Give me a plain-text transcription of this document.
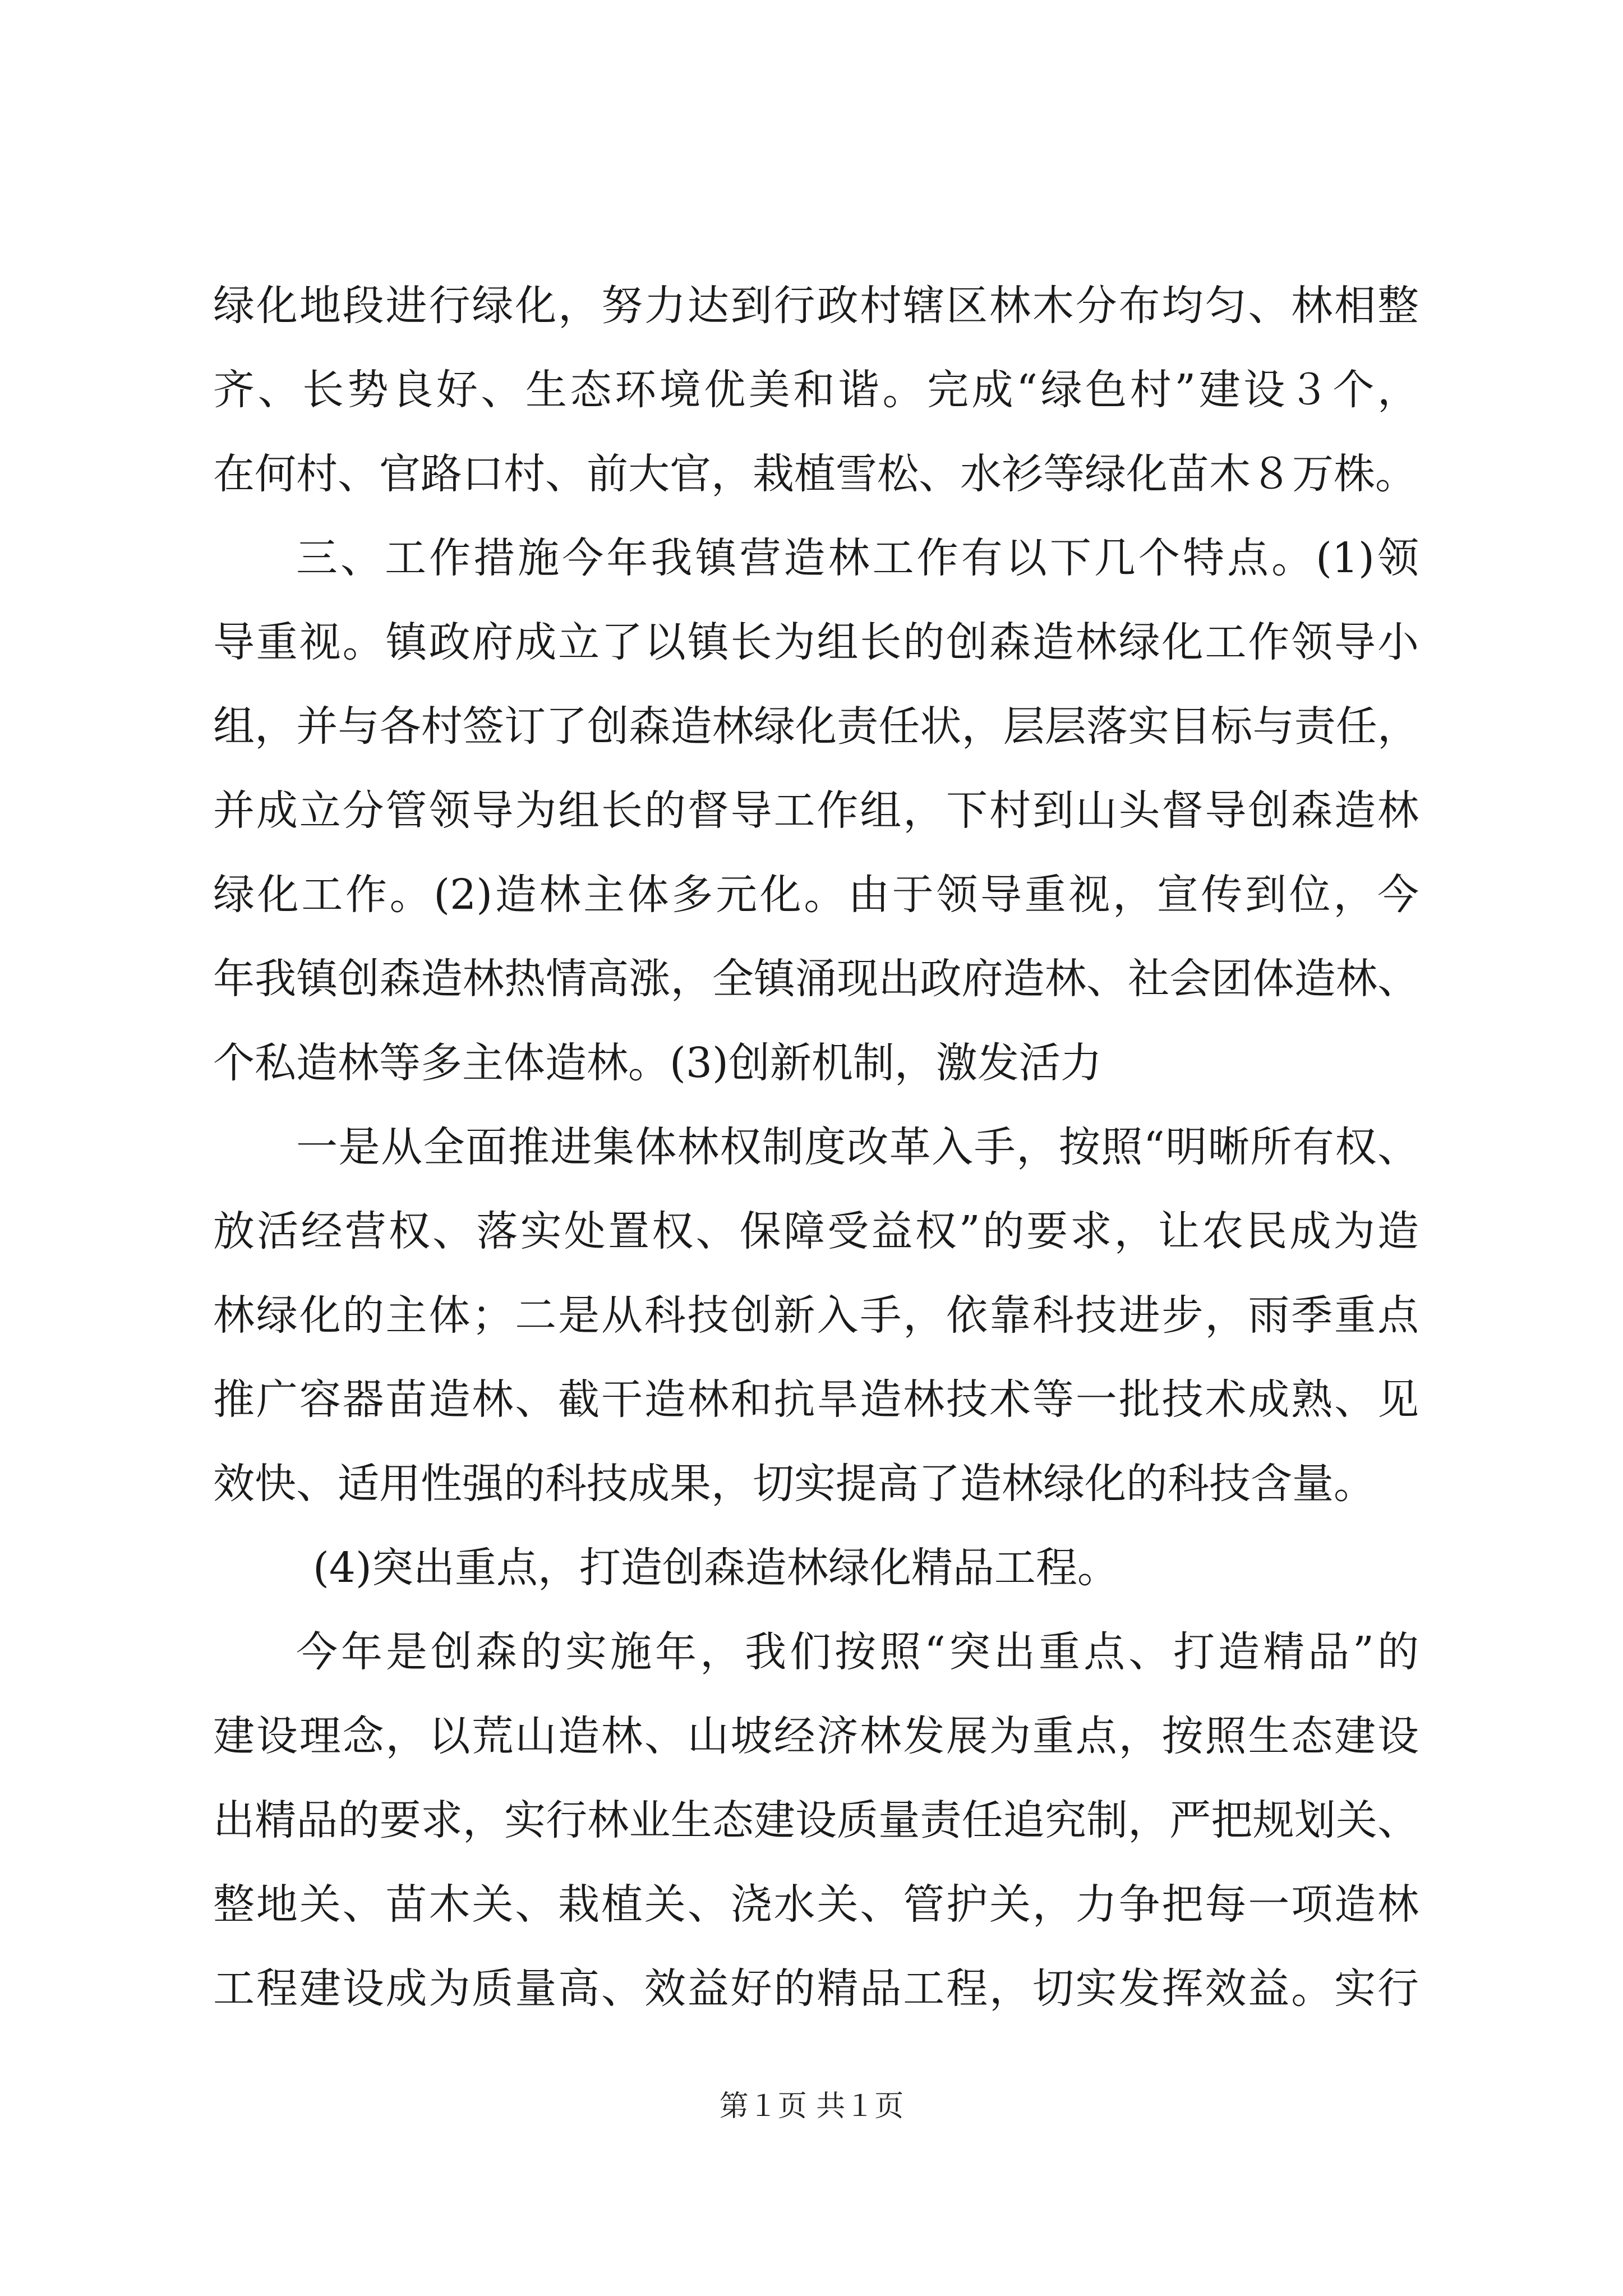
绿化地段进行绿化，努力达到行政村辖区林木分布均匀、林相整
齐、长势良好、生态环境优美和谐。完成“绿色村”建设３个，
在何村、官路口村、前大官，栽植雪松、水衫等绿化苗木８万株。
三、工作措施今年我镇营造林工作有以下几个特点。(1)领
导重视。镇政府成立了以镇长为组长的创森造林绿化工作领导小
组，并与各村签订了创森造林绿化责任状，层层落实目标与责任，
并成立分管领导为组长的督导工作组，下村到山头督导创森造林
绿化工作。(2)造林主体多元化。由于领导重视，宣传到位，今
年我镇创森造林热情高涨，全镇涌现出政府造林、社会团体造林、
个私造林等多主体造林。(3)创新机制，激发活力
一是从全面推进集体林权制度改革入手，按照“明晰所有权、
放活经营权、落实处置权、保障受益权”的要求，让农民成为造
林绿化的主体；二是从科技创新入手，依靠科技进步，雨季重点
推广容器苗造林、截干造林和抗旱造林技术等一批技术成熟、见
效快、适用性强的科技成果，切实提高了造林绿化的科技含量。
(4)突出重点，打造创森造林绿化精品工程。
今年是创森的实施年，我们按照“突出重点、打造精品”的
建设理念，以荒山造林、山坡经济林发展为重点，按照生态建设
出精品的要求，实行林业生态建设质量责任追究制，严把规划关、
整地关、苗木关、栽植关、浇水关、管护关，力争把每一项造林
工程建设成为质量高、效益好的精品工程，切实发挥效益。实行
第１页 共１页
